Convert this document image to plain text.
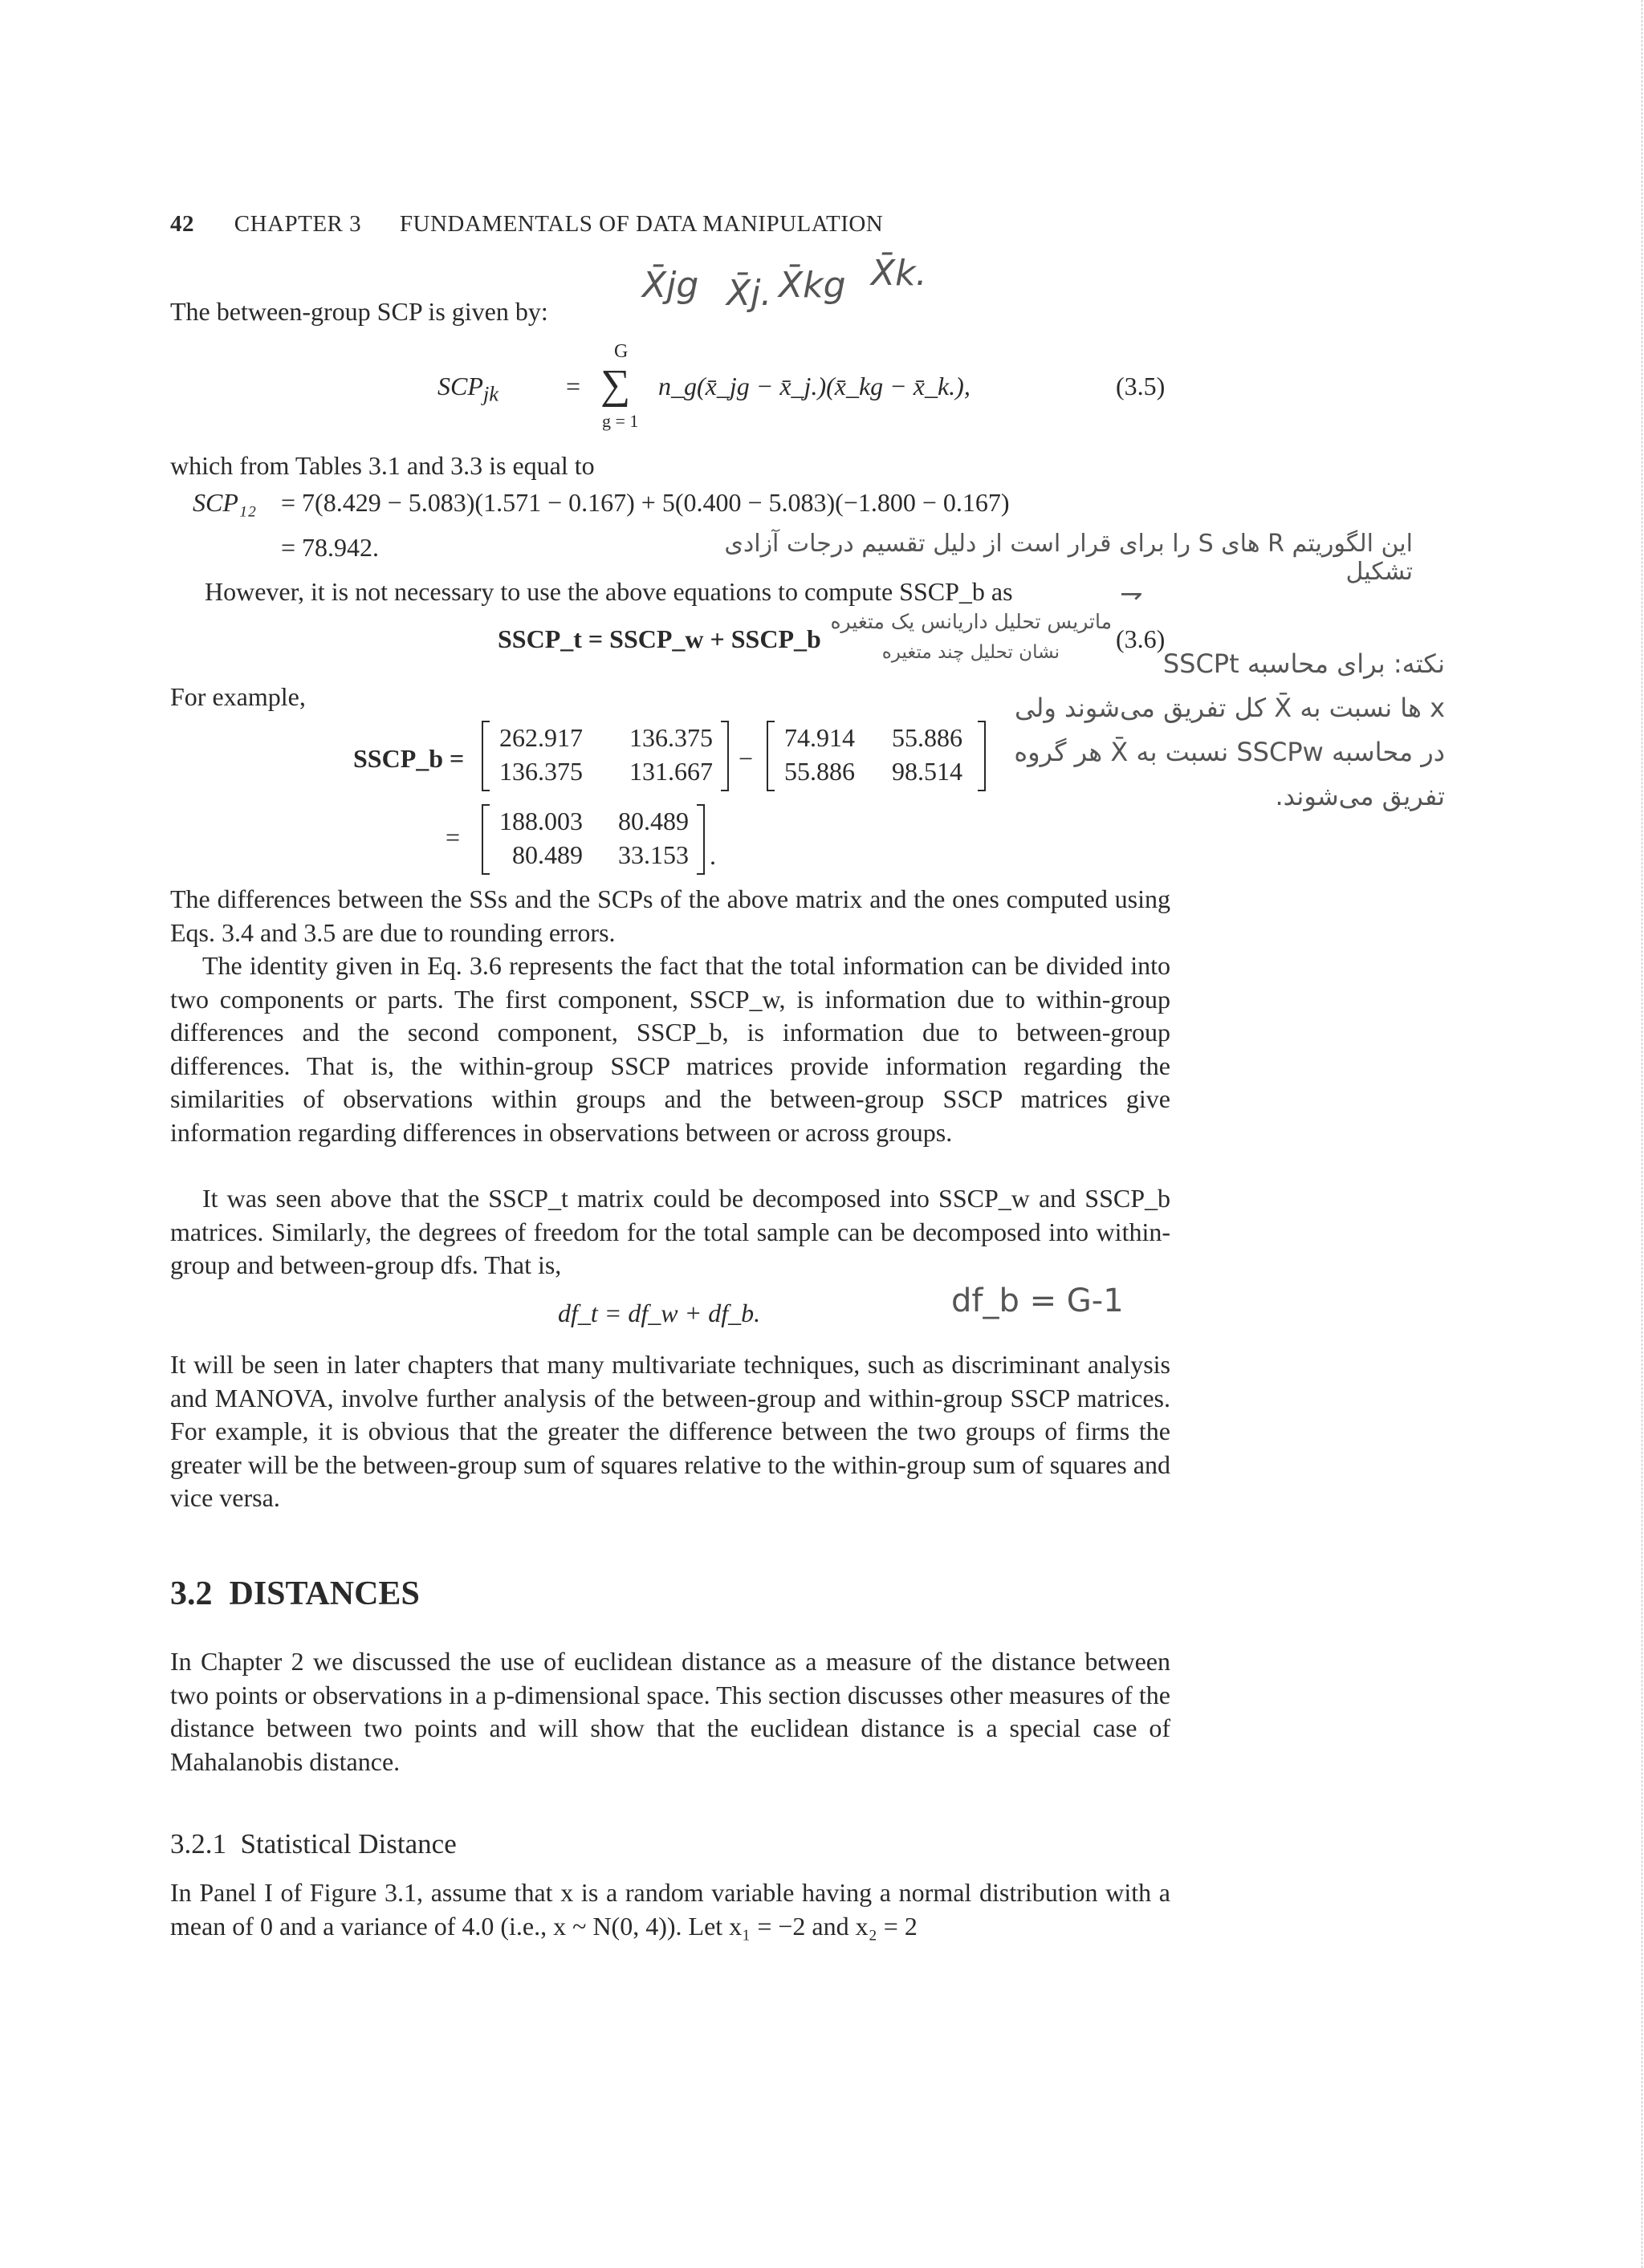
42 CHAPTER 3 FUNDAMENTALS OF DATA MANIPULATION
The between-group SCP is given by:
X̄jg X̄j. X̄kg X̄k.
$SCP_{jk}$	=
G
∑
g = 1
n_g(x̄_jg − x̄_j.)(x̄_kg − x̄_k.),	(3.5)
which from Tables 3.1 and 3.3 is equal to
SCP₁₂ = 7(8.429 − 5.083)(1.571 − 0.167) + 5(0.400 − 5.083)(−1.800 − 0.167)
= 78.942.	این الگوریتم R های S را برای قرار است از دلیل تقسیم درجات آزادی تشکیل
However, it is not necessary to use the above equations to compute SSCP_b as	⇁
SSCP_t = SSCP_w + SSCP_b
ماتریس تحلیل داریانس یک متغیره
نشان تحلیل چند متغیره (3.6)
For example,
SSCP_b =
262.917	136.375
136.375	131.667 −
74.914	55.886
55.886	98.514
=
188.003	80.489
80.489	33.153 .
نکته: برای محاسبه SSCPt
x ها نسبت به X̄ کل تفریق می‌شوند ولی
در محاسبه SSCPw نسبت به X̄ هر گروه
تفریق می‌شوند.
The differences between the SSs and the SCPs of the above matrix and the ones computed using Eqs. 3.4 and 3.5 are due to rounding errors.
The identity given in Eq. 3.6 represents the fact that the total information can be divided into two components or parts. The first component, SSCP_w, is information due to within-group differences and the second component, SSCP_b, is information due to between-group differences. That is, the within-group SSCP matrices provide information regarding the similarities of observations within groups and the between-group SSCP matrices give information regarding differences in observations between or across groups.
It was seen above that the SSCP_t matrix could be decomposed into SSCP_w and SSCP_b matrices. Similarly, the degrees of freedom for the total sample can be decomposed into within-group and between-group dfs. That is,
df_t = df_w + df_b.	df_b = G-1
It will be seen in later chapters that many multivariate techniques, such as discriminant analysis and MANOVA, involve further analysis of the between-group and within-group SSCP matrices. For example, it is obvious that the greater the difference between the two groups of firms the greater will be the between-group sum of squares relative to the within-group sum of squares and vice versa.
3.2 DISTANCES
In Chapter 2 we discussed the use of euclidean distance as a measure of the distance between two points or observations in a p-dimensional space. This section discusses other measures of the distance between two points and will show that the euclidean distance is a special case of Mahalanobis distance.
3.2.1 Statistical Distance
In Panel I of Figure 3.1, assume that x is a random variable having a normal distribution with a mean of 0 and a variance of 4.0 (i.e., x ~ N(0, 4)). Let x₁ = −2 and x₂ = 2
